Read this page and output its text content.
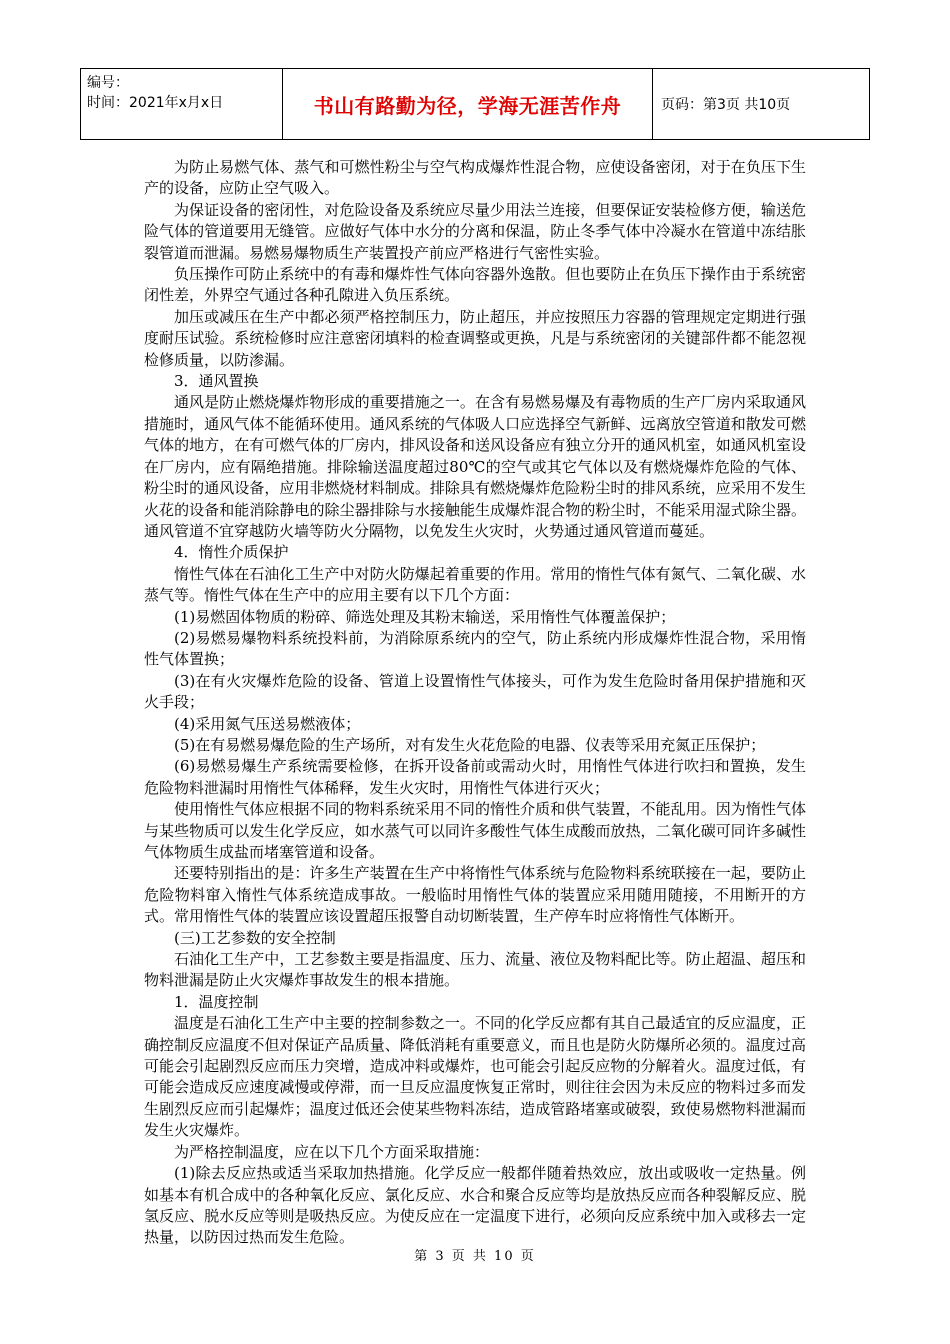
编号：
时间：2021年x月x日	书山有路勤为径，学海无涯苦作舟	页码：第3页 共10页

为防止易燃气体、蒸气和可燃性粉尘与空气构成爆炸性混合物，应使设备密闭，对于在负压下生产的设备，应防止空气吸入。

为保证设备的密闭性，对危险设备及系统应尽量少用法兰连接，但要保证安装检修方便，输送危险气体的管道要用无缝管。应做好气体中水分的分离和保温，防止冬季气体中冷凝水在管道中冻结胀裂管道而泄漏。易燃易爆物质生产装置投产前应严格进行气密性实验。

负压操作可防止系统中的有毒和爆炸性气体向容器外逸散。但也要防止在负压下操作由于系统密闭性差，外界空气通过各种孔隙进入负压系统。

加压或减压在生产中都必须严格控制压力，防止超压，并应按照压力容器的管理规定定期进行强度耐压试验。系统检修时应注意密闭填料的检查调整或更换，凡是与系统密闭的关键部件都不能忽视检修质量，以防渗漏。

3．通风置换

通风是防止燃烧爆炸物形成的重要措施之一。在含有易燃易爆及有毒物质的生产厂房内采取通风措施时，通风气体不能循环使用。通风系统的气体吸人口应选择空气新鲜、远离放空管道和散发可燃气体的地方，在有可燃气体的厂房内，排风设备和送风设备应有独立分开的通风机室，如通风机室设在厂房内，应有隔绝措施。排除输送温度超过80℃的空气或其它气体以及有燃烧爆炸危险的气体、粉尘时的通风设备，应用非燃烧材料制成。排除具有燃烧爆炸危险粉尘时的排风系统，应采用不发生火花的设备和能消除静电的除尘器排除与水接触能生成爆炸混合物的粉尘时，不能采用湿式除尘器。通风管道不宜穿越防火墙等防火分隔物，以免发生火灾时，火势通过通风管道而蔓延。

4．惰性介质保护

惰性气体在石油化工生产中对防火防爆起着重要的作用。常用的惰性气体有氮气、二氧化碳、水蒸气等。惰性气体在生产中的应用主要有以下几个方面：

(1)易燃固体物质的粉碎、筛选处理及其粉末输送，采用惰性气体覆盖保护；

(2)易燃易爆物料系统投料前，为消除原系统内的空气，防止系统内形成爆炸性混合物，采用惰性气体置换；

(3)在有火灾爆炸危险的设备、管道上设置惰性气体接头，可作为发生危险时备用保护措施和灭火手段；

(4)采用氮气压送易燃液体；

(5)在有易燃易爆危险的生产场所，对有发生火花危险的电器、仪表等采用充氮正压保护；

(6)易燃易爆生产系统需要检修，在拆开设备前或需动火时，用惰性气体进行吹扫和置换，发生危险物料泄漏时用惰性气体稀释，发生火灾时，用惰性气体进行灭火；

使用惰性气体应根据不同的物料系统采用不同的惰性介质和供气装置，不能乱用。因为惰性气体与某些物质可以发生化学反应，如水蒸气可以同许多酸性气体生成酸而放热，二氧化碳可同许多碱性气体物质生成盐而堵塞管道和设备。

还要特别指出的是：许多生产装置在生产中将惰性气体系统与危险物料系统联接在一起，要防止危险物料窜入惰性气体系统造成事故。一般临时用惰性气体的装置应采用随用随接，不用断开的方式。常用惰性气体的装置应该设置超压报警自动切断装置，生产停车时应将惰性气体断开。

(三)工艺参数的安全控制

石油化工生产中，工艺参数主要是指温度、压力、流量、液位及物料配比等。防止超温、超压和物料泄漏是防止火灾爆炸事故发生的根本措施。

1．温度控制

温度是石油化工生产中主要的控制参数之一。不同的化学反应都有其自己最适宜的反应温度，正确控制反应温度不但对保证产品质量、降低消耗有重要意义，而且也是防火防爆所必须的。温度过高可能会引起剧烈反应而压力突增，造成冲料或爆炸，也可能会引起反应物的分解着火。温度过低，有可能会造成反应速度减慢或停滞，而一旦反应温度恢复正常时，则往往会因为未反应的物料过多而发生剧烈反应而引起爆炸；温度过低还会使某些物料冻结，造成管路堵塞或破裂，致使易燃物料泄漏而发生火灾爆炸。

为严格控制温度，应在以下几个方面采取措施：

(1)除去反应热或适当采取加热措施。化学反应一般都伴随着热效应，放出或吸收一定热量。例如基本有机合成中的各种氧化反应、氯化反应、水合和聚合反应等均是放热反应而各种裂解反应、脱氢反应、脱水反应等则是吸热反应。为使反应在一定温度下进行，必须向反应系统中加入或移去一定热量，以防因过热而发生危险。

第 3 页 共 10 页
